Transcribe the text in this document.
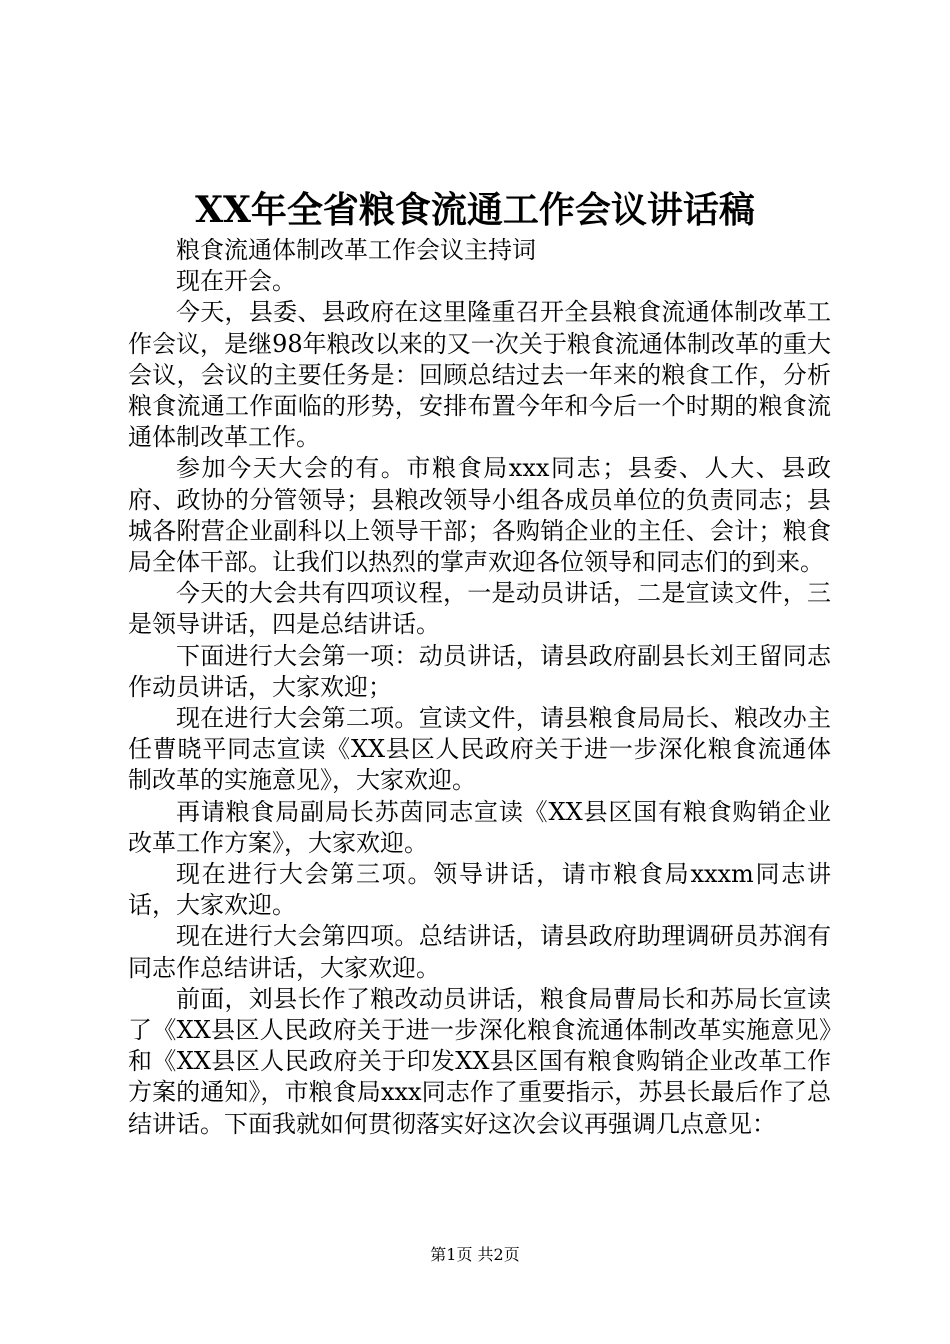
XX年全省粮食流通工作会议讲话稿

粮食流通体制改革工作会议主持词

现在开会。

今天，县委、县政府在这里隆重召开全县粮食流通体制改革工作会议，是继98年粮改以来的又一次关于粮食流通体制改革的重大会议，会议的主要任务是：回顾总结过去一年来的粮食工作，分析粮食流通工作面临的形势，安排布置今年和今后一个时期的粮食流通体制改革工作。

参加今天大会的有。市粮食局xxx同志；县委、人大、县政府、政协的分管领导；县粮改领导小组各成员单位的负责同志；县城各附营企业副科以上领导干部；各购销企业的主任、会计；粮食局全体干部。让我们以热烈的掌声欢迎各位领导和同志们的到来。

今天的大会共有四项议程，一是动员讲话，二是宣读文件，三是领导讲话，四是总结讲话。

下面进行大会第一项：动员讲话，请县政府副县长刘王留同志作动员讲话，大家欢迎；

现在进行大会第二项。宣读文件，请县粮食局局长、粮改办主任曹晓平同志宣读《XX县区人民政府关于进一步深化粮食流通体制改革的实施意见》，大家欢迎。

再请粮食局副局长苏茵同志宣读《XX县区国有粮食购销企业改革工作方案》，大家欢迎。

现在进行大会第三项。领导讲话，请市粮食局xxxm同志讲话，大家欢迎。

现在进行大会第四项。总结讲话，请县政府助理调研员苏润有同志作总结讲话，大家欢迎。

前面，刘县长作了粮改动员讲话，粮食局曹局长和苏局长宣读了《XX县区人民政府关于进一步深化粮食流通体制改革实施意见》和《XX县区人民政府关于印发XX县区国有粮食购销企业改革工作方案的通知》，市粮食局xxx同志作了重要指示，苏县长最后作了总结讲话。下面我就如何贯彻落实好这次会议再强调几点意见：

第1页 共2页
